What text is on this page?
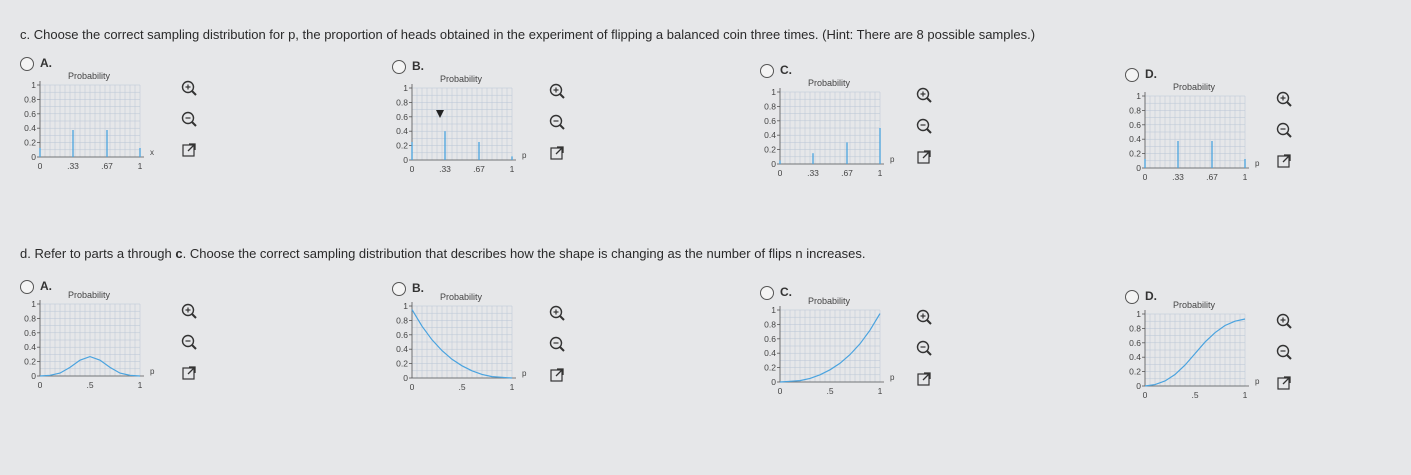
c. Choose the correct sampling distribution for p, the proportion of heads obtained in the experiment of flipping a balanced coin three times. (Hint: There are 8 possible samples.)
A.
Probability
1
0.8
0.6
0.4
0.2
0
0	.33	.67	1
x
B.
Probability
1
0.8
0.6
0.4
0.2
0
0	.33	.67	1
p
C.
Probability
1
0.8
0.6
0.4
0.2
0
0	.33	.67	1
p
D.
Probability
1
0.8
0.6
0.4
0.2
0
0	.33	.67	1
p
d. Refer to parts a through c. Choose the correct sampling distribution that describes how the shape is changing as the number of flips n increases.
A.
Probability
1
0.8
0.6
0.4
0.2
0
0	.5	1
p
B.
Probability
1
0.8
0.6
0.4
0.2
0
0	.5	1
p
C.
Probability
1
0.8
0.6
0.4
0.2
0
0	.5	1
p
D.
Probability
1
0.8
0.6
0.4
0.2
0
0	.5	1
p
